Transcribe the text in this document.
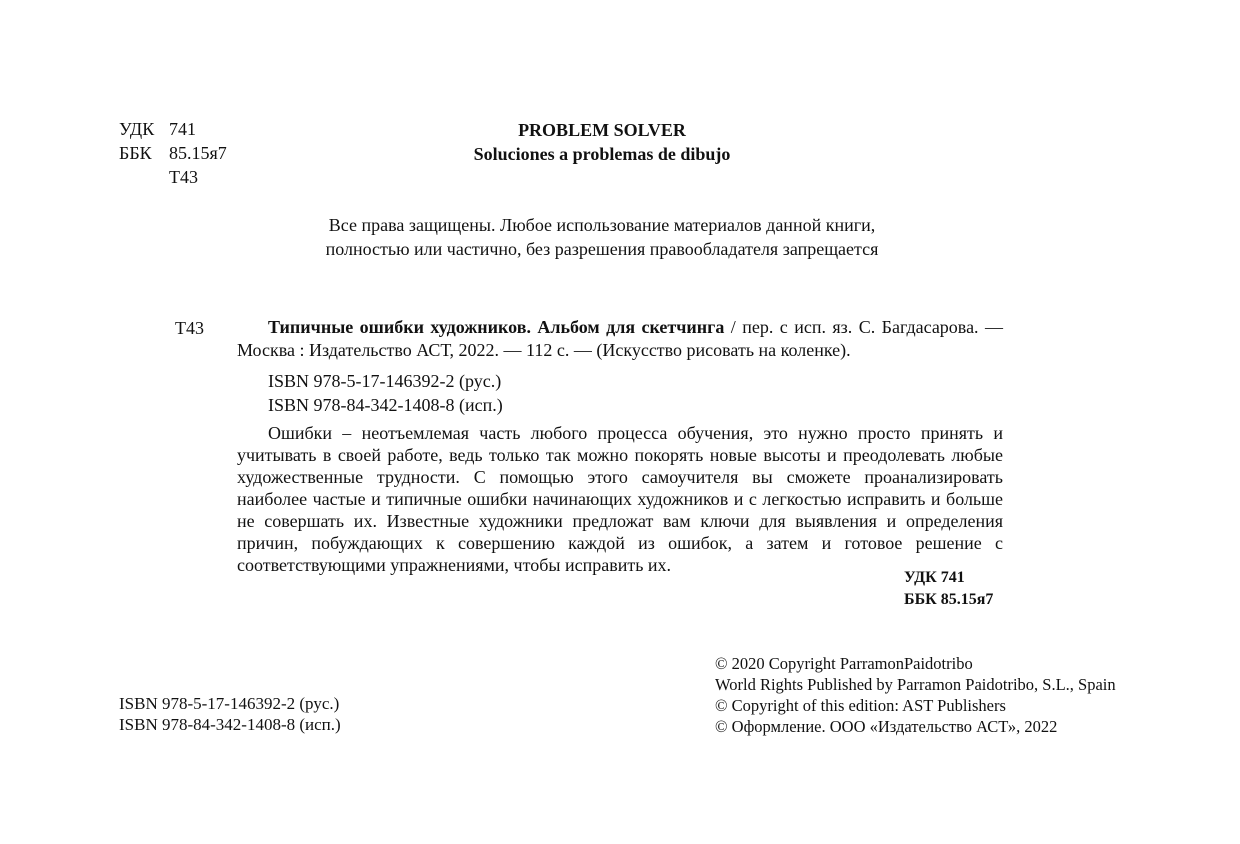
УДК 741
ББК 85.15я7
Т43
PROBLEM SOLVER
Soluciones a problemas de dibujo
Все права защищены. Любое использование материалов данной книги,
полностью или частично, без разрешения правообладателя запрещается
Т43	Типичные ошибки художников. Альбом для скетчинга / пер. с исп. яз. С. Багдасарова. — Москва : Издательство АСТ, 2022. — 112 с. — (Искусство рисовать на коленке).
ISBN 978-5-17-146392-2 (рус.)
ISBN 978-84-342-1408-8 (исп.)
Ошибки – неотъемлемая часть любого процесса обучения, это нужно просто принять и учитывать в своей работе, ведь только так можно покорять новые высоты и преодолевать любые художественные трудности. С помощью этого самоучителя вы сможете проанализировать наиболее частые и типичные ошибки начинающих художников и с легкостью исправить и больше не совершать их. Известные художники предложат вам ключи для выявления и определения причин, побуждающих к совершению каждой из ошибок, а затем и готовое решение с соответствующими упражнениями, чтобы исправить их.
УДК 741
ББК 85.15я7
ISBN 978-5-17-146392-2 (рус.)
ISBN 978-84-342-1408-8 (исп.)
© 2020 Copyright ParramonPaidotribo
World Rights Published by Parramon Paidotribo, S.L., Spain
© Copyright of this edition: AST Publishers
© Оформление. ООО «Издательство АСТ», 2022
